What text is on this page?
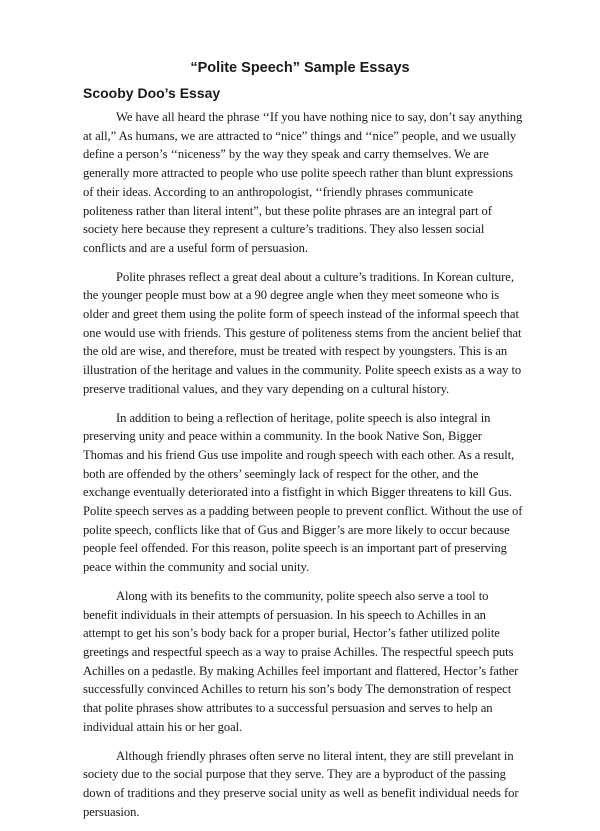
“Polite Speech” Sample Essays
Scooby Doo’s Essay

We have all heard the phrase ‘‘If you have nothing nice to say, don’t say anything at all,” As humans, we are attracted to “nice” things and ‘‘nice” people, and we usually define a person’s ‘‘niceness” by the way they speak and carry themselves. We are generally more attracted to people who use polite speech rather than blunt expressions of their ideas. According to an anthropologist, ‘‘friendly phrases communicate politeness rather than literal intent”, but these polite phrases are an integral part of society here because they represent a culture’s traditions. They also lessen social conflicts and are a useful form of persuasion.

Polite phrases reflect a great deal about a culture’s traditions. In Korean culture, the younger people must bow at a 90 degree angle when they meet someone who is older and greet them using the polite form of speech instead of the informal speech that one would use with friends. This gesture of politeness stems from the ancient belief that the old are wise, and therefore, must be treated with respect by youngsters. This is an illustration of the heritage and values in the community. Polite speech exists as a way to preserve traditional values, and they vary depending on a cultural history.

In addition to being a reflection of heritage, polite speech is also integral in preserving unity and peace within a community. In the book Native Son, Bigger Thomas and his friend Gus use impolite and rough speech with each other. As a result, both are offended by the others’ seemingly lack of respect for the other, and the exchange eventually deteriorated into a fistfight in which Bigger threatens to kill Gus. Polite speech serves as a padding between people to prevent conflict. Without the use of polite speech, conflicts like that of Gus and Bigger’s are more likely to occur because people feel offended. For this reason, polite speech is an important part of preserving peace within the community and social unity.

Along with its benefits to the community, polite speech also serve a tool to benefit individuals in their attempts of persuasion. In his speech to Achilles in an attempt to get his son’s body back for a proper burial, Hector’s father utilized polite greetings and respectful speech as a way to praise Achilles. The respectful speech puts Achilles on a pedastle. By making Achilles feel important and flattered, Hector’s father successfully convinced Achilles to return his son’s body The demonstration of respect that polite phrases show attributes to a successful persuasion and serves to help an individual attain his or her goal.

Although friendly phrases often serve no literal intent, they are still prevelant in society due to the social purpose that they serve. They are a byproduct of the passing down of traditions and they preserve social unity as well as benefit individual needs for persuasion.
